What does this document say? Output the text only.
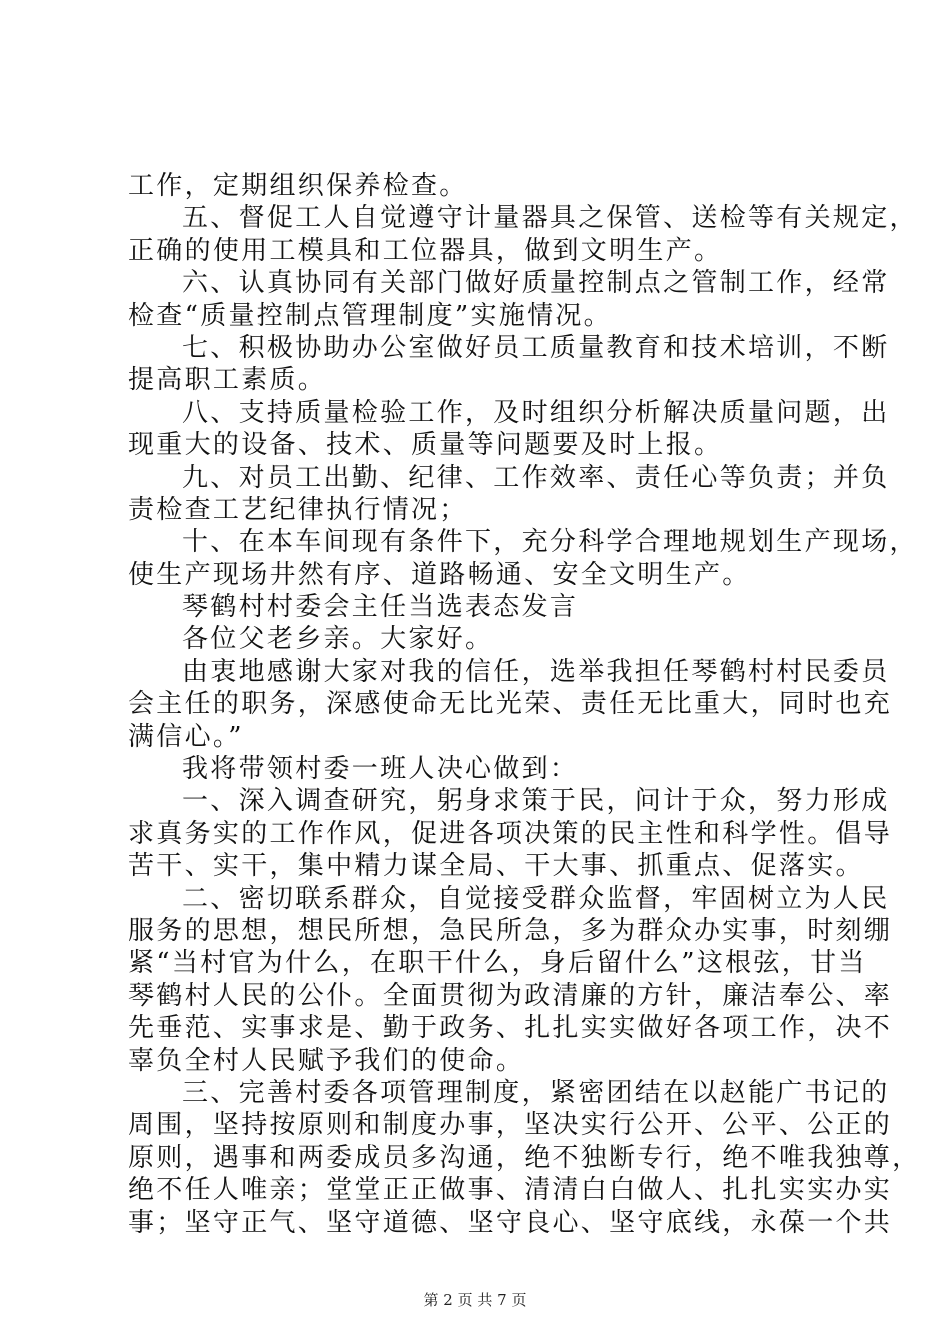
工作，定期组织保养检查。
五、督促工人自觉遵守计量器具之保管、送检等有关规定，
正确的使用工模具和工位器具，做到文明生产。
六、认真协同有关部门做好质量控制点之管制工作，经常
检查“质量控制点管理制度”实施情况。
七、积极协助办公室做好员工质量教育和技术培训，不断
提高职工素质。
八、支持质量检验工作，及时组织分析解决质量问题，出
现重大的设备、技术、质量等问题要及时上报。
九、对员工出勤、纪律、工作效率、责任心等负责；并负
责检查工艺纪律执行情况；
十、在本车间现有条件下，充分科学合理地规划生产现场，
使生产现场井然有序、道路畅通、安全文明生产。
琴鹤村村委会主任当选表态发言
各位父老乡亲。大家好。
由衷地感谢大家对我的信任，选举我担任琴鹤村村民委员
会主任的职务，深感使命无比光荣、责任无比重大，同时也充
满信心。”
我将带领村委一班人决心做到：
一、深入调查研究，躬身求策于民，问计于众，努力形成
求真务实的工作作风，促进各项决策的民主性和科学性。倡导
苦干、实干，集中精力谋全局、干大事、抓重点、促落实。
二、密切联系群众，自觉接受群众监督，牢固树立为人民
服务的思想，想民所想，急民所急，多为群众办实事，时刻绷
紧“当村官为什么，在职干什么，身后留什么”这根弦，甘当
琴鹤村人民的公仆。全面贯彻为政清廉的方针，廉洁奉公、率
先垂范、实事求是、勤于政务、扎扎实实做好各项工作，决不
辜负全村人民赋予我们的使命。
三、完善村委各项管理制度，紧密团结在以赵能广书记的
周围，坚持按原则和制度办事，坚决实行公开、公平、公正的
原则，遇事和两委成员多沟通，绝不独断专行，绝不唯我独尊，
绝不任人唯亲；堂堂正正做事、清清白白做人、扎扎实实办实
事；坚守正气、坚守道德、坚守良心、坚守底线，永葆一个共
第 2 页 共 7 页
